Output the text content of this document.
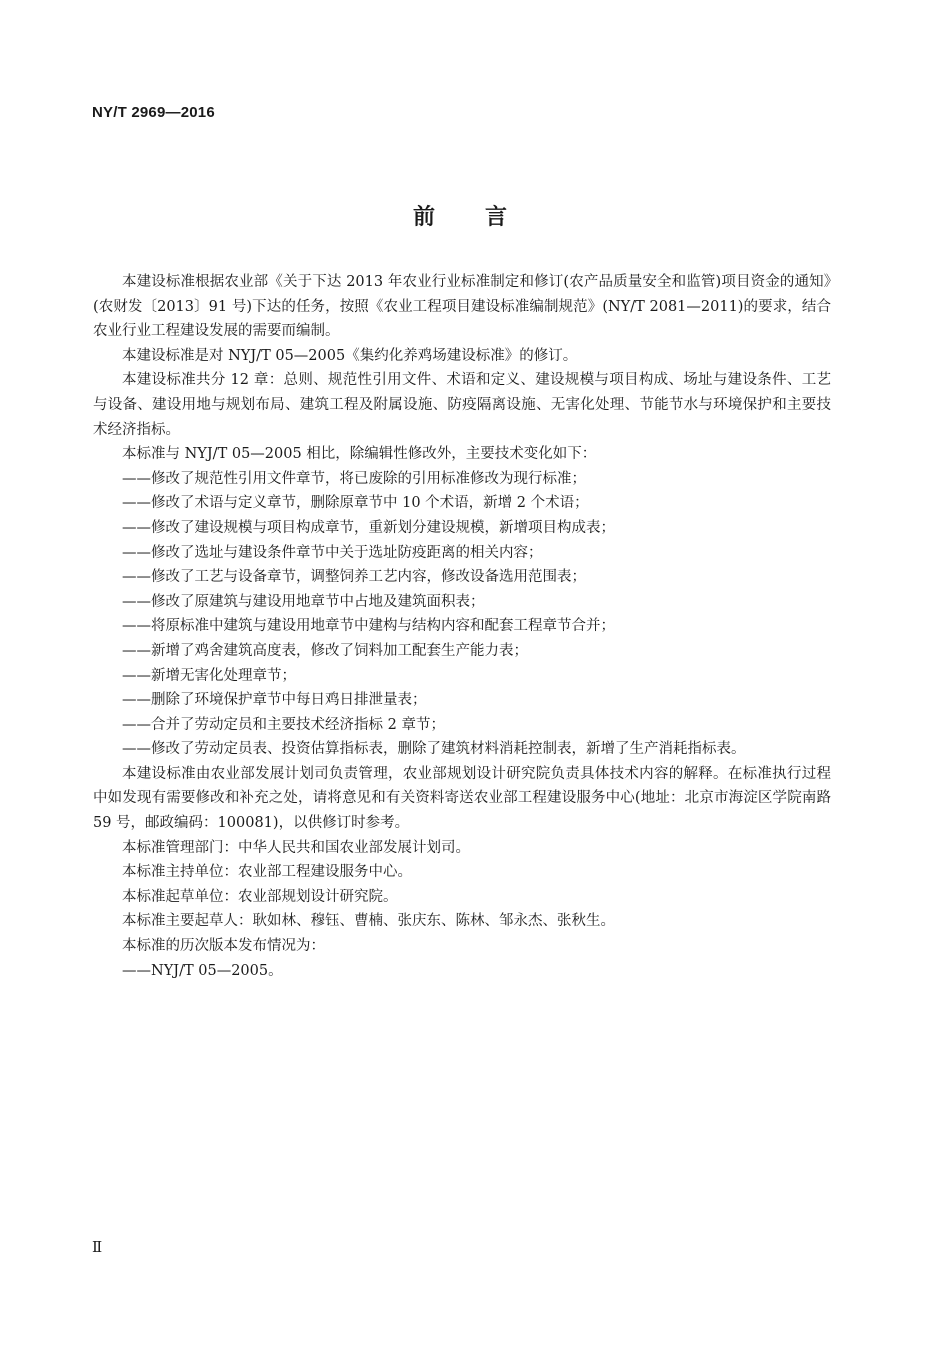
NY/T 2969—2016
前言

本建设标准根据农业部《关于下达 2013 年农业行业标准制定和修订(农产品质量安全和监管)项目资金的通知》(农财发〔2013〕91 号)下达的任务，按照《农业工程项目建设标准编制规范》(NY/T 2081—2011)的要求，结合农业行业工程建设发展的需要而编制。

本建设标准是对 NYJ/T 05—2005《集约化养鸡场建设标准》的修订。

本建设标准共分 12 章：总则、规范性引用文件、术语和定义、建设规模与项目构成、场址与建设条件、工艺与设备、建设用地与规划布局、建筑工程及附属设施、防疫隔离设施、无害化处理、节能节水与环境保护和主要技术经济指标。

本标准与 NYJ/T 05—2005 相比，除编辑性修改外，主要技术变化如下：

——修改了规范性引用文件章节，将已废除的引用标准修改为现行标准；

——修改了术语与定义章节，删除原章节中 10 个术语，新增 2 个术语；

——修改了建设规模与项目构成章节，重新划分建设规模，新增项目构成表；

——修改了选址与建设条件章节中关于选址防疫距离的相关内容；

——修改了工艺与设备章节，调整饲养工艺内容，修改设备选用范围表；

——修改了原建筑与建设用地章节中占地及建筑面积表；

——将原标准中建筑与建设用地章节中建构与结构内容和配套工程章节合并；

——新增了鸡舍建筑高度表，修改了饲料加工配套生产能力表；

——新增无害化处理章节；

——删除了环境保护章节中每日鸡日排泄量表；

——合并了劳动定员和主要技术经济指标 2 章节；

——修改了劳动定员表、投资估算指标表，删除了建筑材料消耗控制表，新增了生产消耗指标表。

本建设标准由农业部发展计划司负责管理，农业部规划设计研究院负责具体技术内容的解释。在标准执行过程中如发现有需要修改和补充之处，请将意见和有关资料寄送农业部工程建设服务中心(地址：北京市海淀区学院南路 59 号，邮政编码：100081)，以供修订时参考。

本标准管理部门：中华人民共和国农业部发展计划司。

本标准主持单位：农业部工程建设服务中心。

本标准起草单位：农业部规划设计研究院。

本标准主要起草人：耿如林、穆钰、曹楠、张庆东、陈林、邹永杰、张秋生。

本标准的历次版本发布情况为：

——NYJ/T 05—2005。

Ⅱ
